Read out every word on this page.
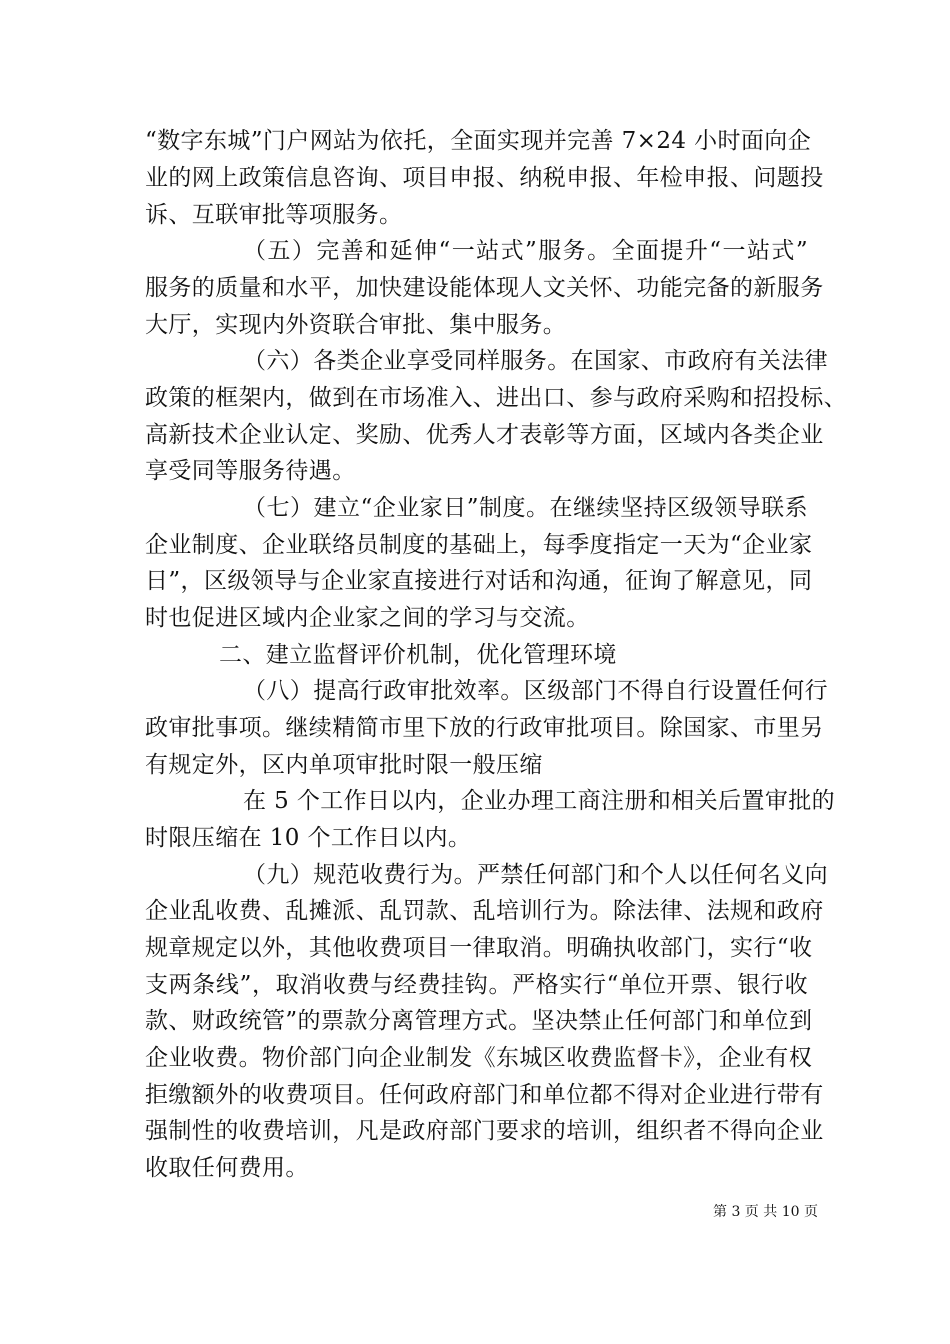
“数字东城”门户网站为依托，全面实现并完善 7×24 小时面向企
业的网上政策信息咨询、项目申报、纳税申报、年检申报、问题投
诉、互联审批等项服务。
（五）完善和延伸“一站式”服务。全面提升“一站式”
服务的质量和水平，加快建设能体现人文关怀、功能完备的新服务
大厅，实现内外资联合审批、集中服务。
（六）各类企业享受同样服务。在国家、市政府有关法律
政策的框架内，做到在市场准入、进出口、参与政府采购和招投标、
高新技术企业认定、奖励、优秀人才表彰等方面，区域内各类企业
享受同等服务待遇。
（七）建立“企业家日”制度。在继续坚持区级领导联系
企业制度、企业联络员制度的基础上，每季度指定一天为“企业家
日”，区级领导与企业家直接进行对话和沟通，征询了解意见，同
时也促进区域内企业家之间的学习与交流。
二、建立监督评价机制，优化管理环境
（八）提高行政审批效率。区级部门不得自行设置任何行
政审批事项。继续精简市里下放的行政审批项目。除国家、市里另
有规定外，区内单项审批时限一般压缩
在 5 个工作日以内，企业办理工商注册和相关后置审批的
时限压缩在 10 个工作日以内。
（九）规范收费行为。严禁任何部门和个人以任何名义向
企业乱收费、乱摊派、乱罚款、乱培训行为。除法律、法规和政府
规章规定以外，其他收费项目一律取消。明确执收部门，实行“收
支两条线”，取消收费与经费挂钩。严格实行“单位开票、银行收
款、财政统管”的票款分离管理方式。坚决禁止任何部门和单位到
企业收费。物价部门向企业制发《东城区收费监督卡》，企业有权
拒缴额外的收费项目。任何政府部门和单位都不得对企业进行带有
强制性的收费培训，凡是政府部门要求的培训，组织者不得向企业
收取任何费用。
第 3 页 共 10 页
